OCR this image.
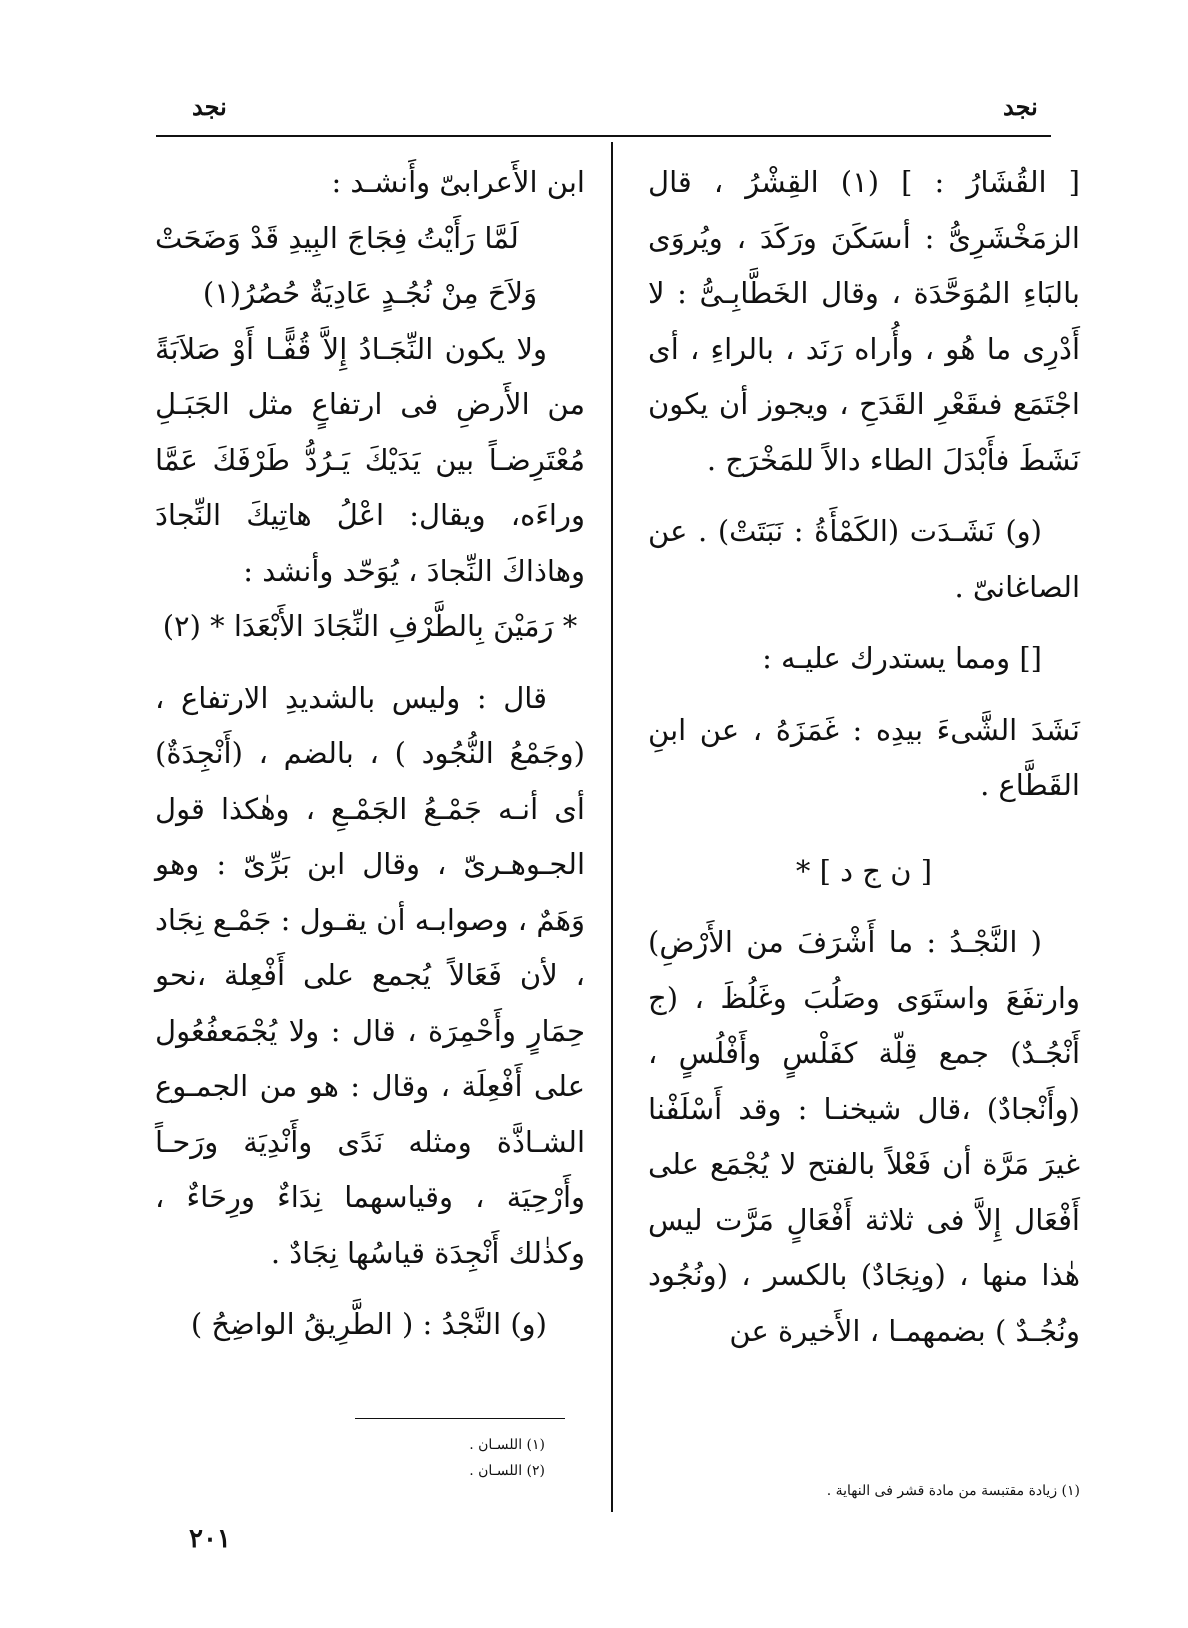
نجد	نجد

[ القُشَارُ : ] (١) القِشْرُ ، قال الزمَخْشَرِىُّ : أىسَكَنَ ورَكَدَ ، ويُروَى بالبَاءِ المُوَحَّدَة ، وقال الخَطَّابِـىُّ : لا أَدْرِى ما هُو ، وأُراه رَنَد ، بالراءِ ، أى اجْتَمَع فىقَعْرِ القَدَحِ ، ويجوز أن يكون نَشَطَ فأَبْدَلَ الطاء دالاً للمَخْرَج .

(و) نَشَـدَت (الكَمْأَةُ : نَبَتَتْ) . عن الصاغانىّ .

[] ومما يستدرك عليـه :

نَشَدَ الشَّىءَ بيدِه : غَمَزَهُ ، عن ابنِ القَطَّاع .

[ ن ج د ] *

( النَّجْـدُ : ما أَشْرَفَ من الأَرْضِ) وارتفَعَ واستَوَى وصَلُبَ وغَلُظَ ، (ج أَنْجُـدٌ) جمع قِلّة كفَلْسٍ وأَفْلُسٍ ، (وأَنْجادٌ) ،قال شيخنـا : وقد أَسْلَفْنا غيرَ مَرَّة أن فَعْلاً بالفتح لا يُجْمَع على أَفْعَال إِلاَّ فى ثلاثة أَفْعَالٍ مَرَّت ليس هٰذا منها ، (ونِجَادٌ) بالكسر ، (ونُجُود ونُجُـدٌ ) بضمهمـا ، الأَخيرة عن

ابن الأَعرابىّ وأَنشـد :

لَمَّا رَأَيْتُ فِجَاجَ البِيدِ قَدْ وَضَحَتْ

وَلاَحَ مِنْ نُجُـدٍ عَادِيَةٌ حُصُرُ(١)

ولا يكون النِّجَـادُ إِلاَّ قُفًّـا أَوْ صَلاَبَةً من الأَرضِ فى ارتفاعٍ مثل الجَبَـلِ مُعْتَرِضـاً بين يَدَيْكَ يَـرُدُّ طَرْفَكَ عَمَّا وراءَه، ويقال: اعْلُ هاتِيكَ النِّجادَ وهاذاكَ النِّجادَ ، يُوَحّد وأنشد :

* رَمَيْنَ بِالطَّرْفِ النِّجَادَ الأَبْعَدَا * (٢)

قال : وليس بالشديدِ الارتفاع ، (وجَمْعُ النُّجُود ) ، بالضم ، (أَنْجِدَةٌ) أى أنـه جَمْـعُ الجَمْـعِ ، وهٰكذا قول الجـوهـرىّ ، وقال ابن بَرِّىّ : وهو وَهَمٌ ، وصوابـه أن يقـول : جَمْـع نِجَاد ، لأن فَعَالاً يُجمع على أَفْعِلة ،نحو حِمَارٍ وأَحْمِرَة ، قال : ولا يُجْمَعفُعُول على أَفْعِلَة ، وقال : هو من الجمـوع الشـاذَّة ومثله نَدًى وأَنْدِيَة ورَحـاً وأَرْحِيَة ، وقياسهما نِدَاءٌ ورِحَاءٌ ، وكذٰلك أَنْجِدَة قياسُها نِجَادٌ .

(و) النَّجْدُ : ( الطَّرِيقُ الواضِحُ )

(١) اللسـان .

(٢) اللسـان .

(١) زيادة مقتبسة من مادة قشر فى النهاية .

٢٠١
